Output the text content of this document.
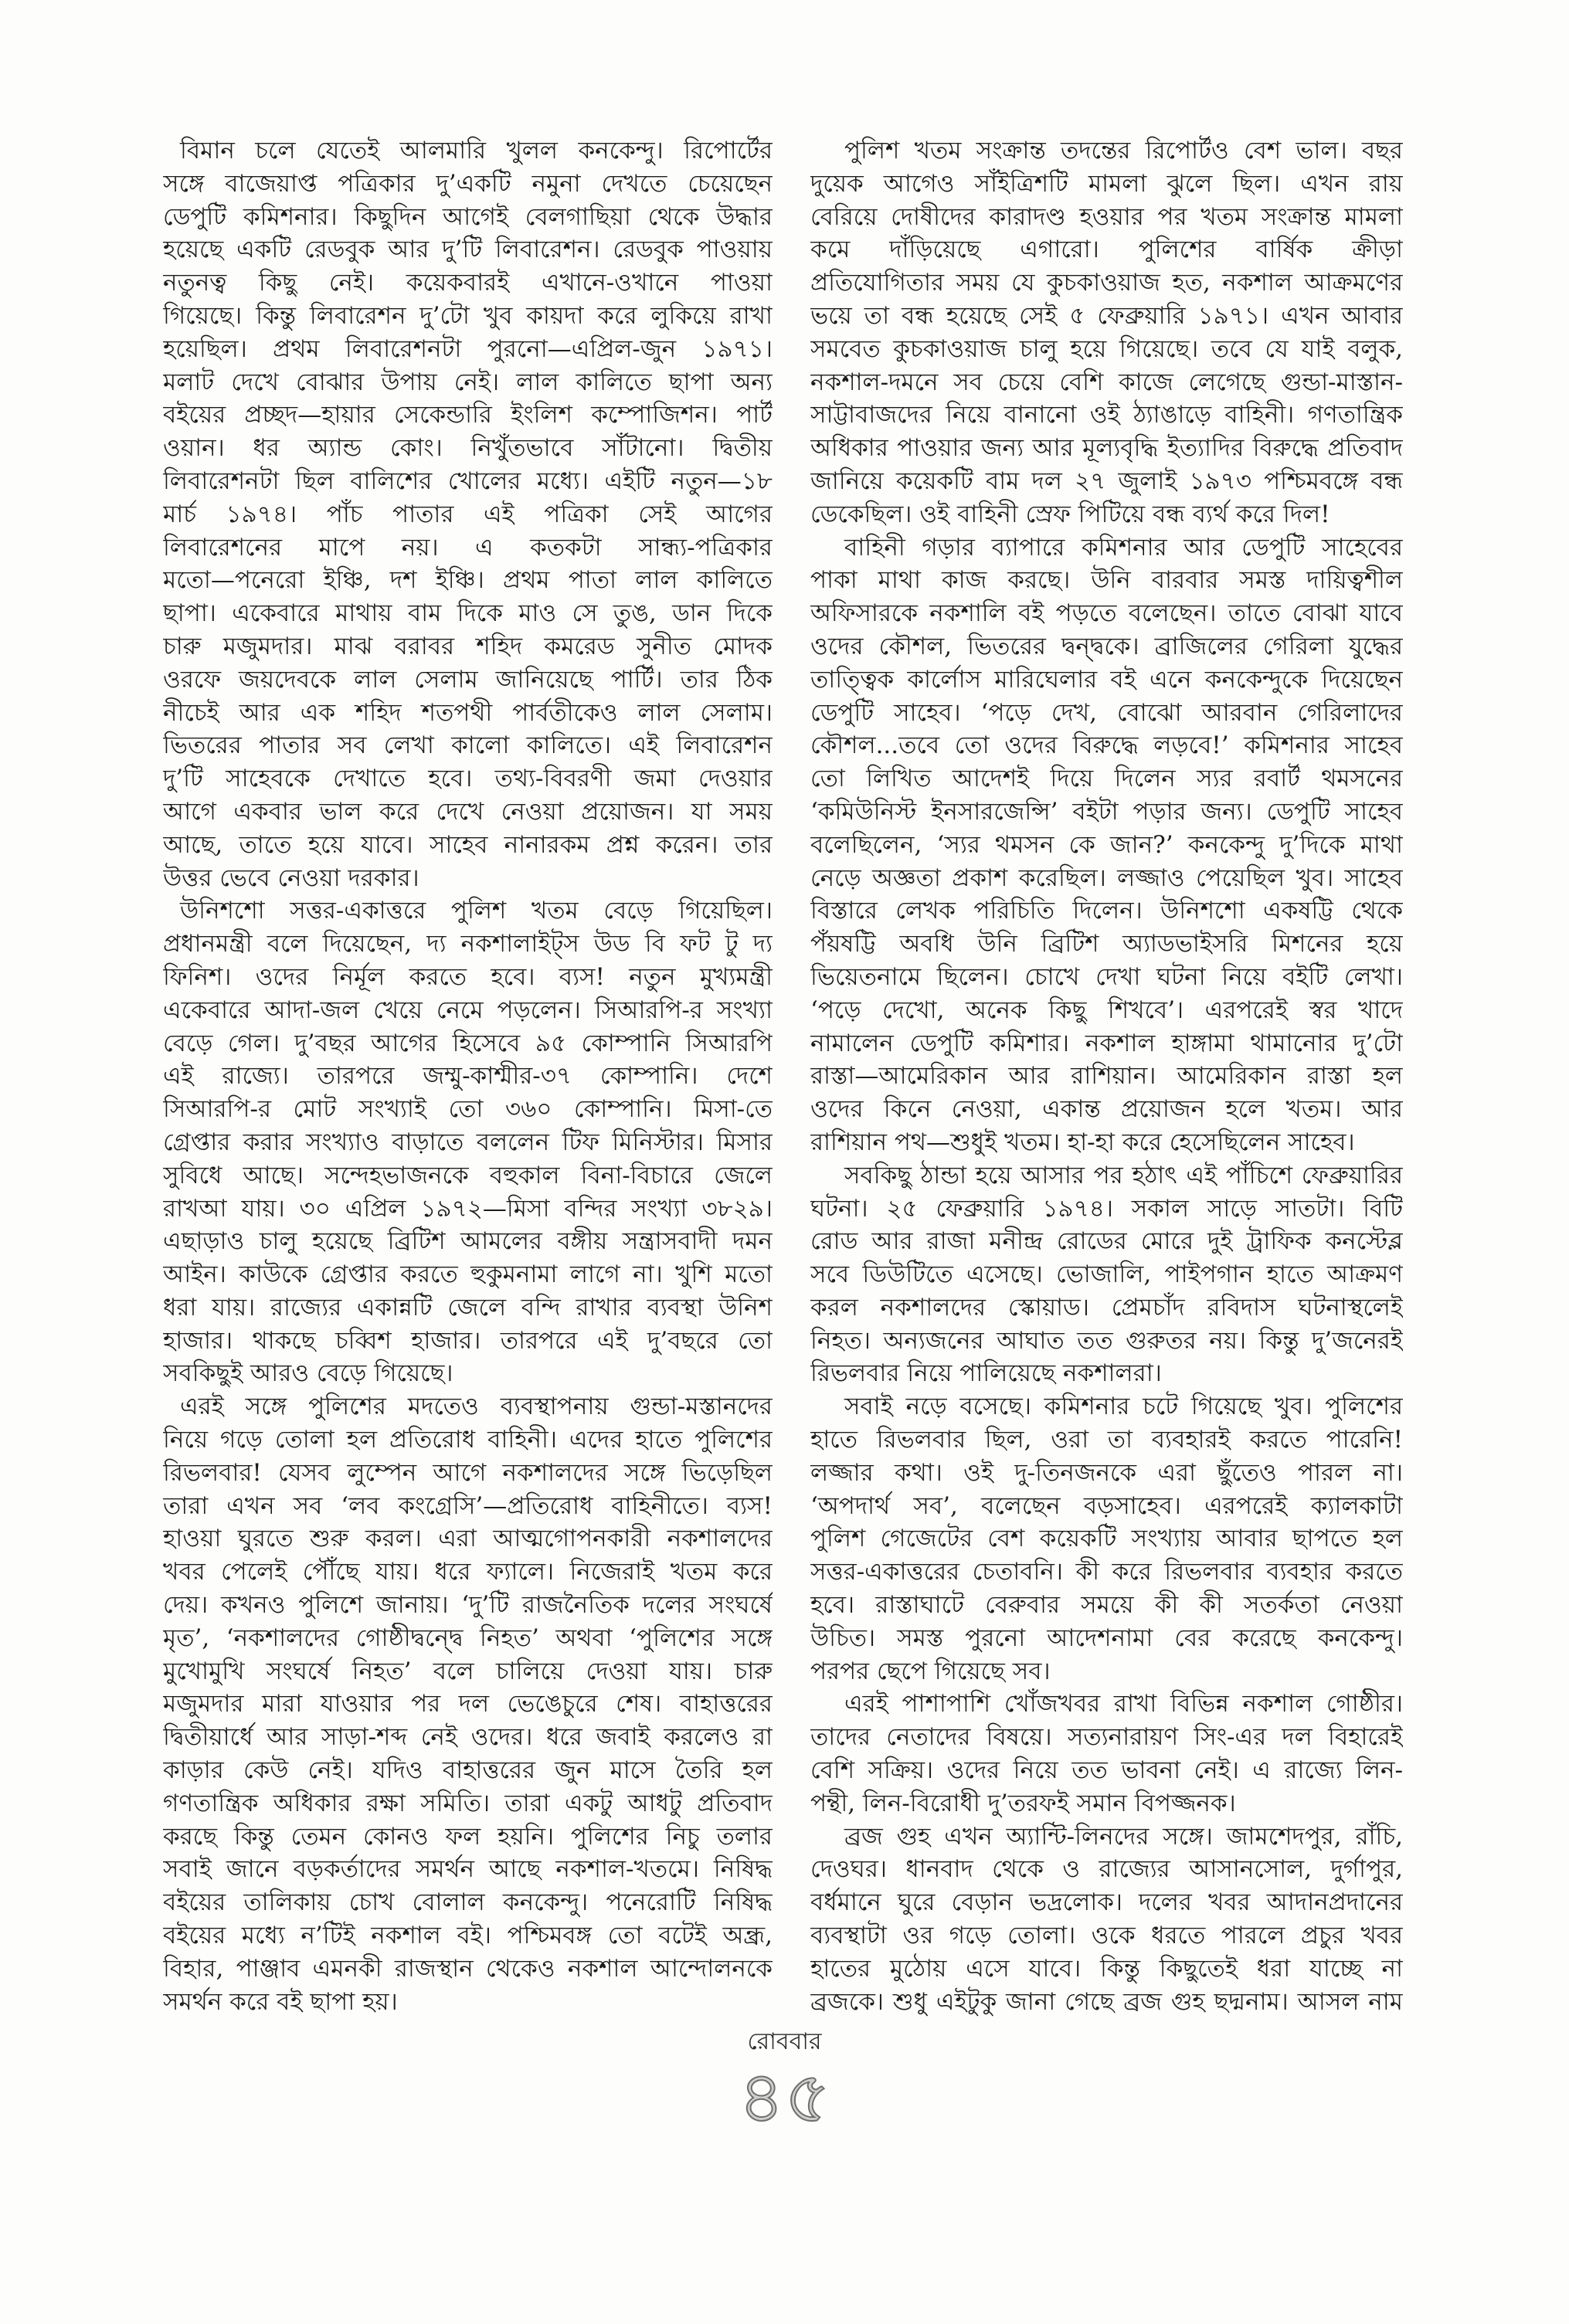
বিমান চলে যেতেই আলমারি খুলল কনকেন্দু। রিপোর্টের
সঙ্গে বাজেয়াপ্ত পত্রিকার দু’একটি নমুনা দেখতে চেয়েছেন
ডেপুটি কমিশনার। কিছুদিন আগেই বেলগাছিয়া থেকে উদ্ধার
হয়েছে একটি রেডবুক আর দু’টি লিবারেশন। রেডবুক পাওয়ায়
নতুনত্ব কিছু নেই। কয়েকবারই এখানে-ওখানে পাওয়া
গিয়েছে। কিন্তু লিবারেশন দু’টো খুব কায়দা করে লুকিয়ে রাখা
হয়েছিল। প্রথম লিবারেশনটা পুরনো—এপ্রিল-জুন ১৯৭১।
মলাট দেখে বোঝার উপায় নেই। লাল কালিতে ছাপা অন্য
বইয়ের প্রচ্ছদ—হায়ার সেকেন্ডারি ইংলিশ কম্পোজিশন। পার্ট
ওয়ান। ধর অ্যান্ড কোং। নিখুঁতভাবে সাঁটানো। দ্বিতীয়
লিবারেশনটা ছিল বালিশের খোলের মধ্যে। এইটি নতুন—১৮
মার্চ ১৯৭৪। পাঁচ পাতার এই পত্রিকা সেই আগের
লিবারেশনের মাপে নয়। এ কতকটা সান্ধ্য-পত্রিকার
মতো—পনেরো ইঞ্চি, দশ ইঞ্চি। প্রথম পাতা লাল কালিতে
ছাপা। একেবারে মাথায় বাম দিকে মাও সে তুঙ, ডান দিকে
চারু মজুমদার। মাঝ বরাবর শহিদ কমরেড সুনীত মোদক
ওরফে জয়দেবকে লাল সেলাম জানিয়েছে পার্টি। তার ঠিক
নীচেই আর এক শহিদ শতপথী পার্বতীকেও লাল সেলাম।
ভিতরের পাতার সব লেখা কালো কালিতে। এই লিবারেশন
দু’টি সাহেবকে দেখাতে হবে। তথ্য-বিবরণী জমা দেওয়ার
আগে একবার ভাল করে দেখে নেওয়া প্রয়োজন। যা সময়
আছে, তাতে হয়ে যাবে। সাহেব নানারকম প্রশ্ন করেন। তার
উত্তর ভেবে নেওয়া দরকার।
উনিশশো সত্তর-একাত্তরে পুলিশ খতম বেড়ে গিয়েছিল।
প্রধানমন্ত্রী বলে দিয়েছেন, দ্য নকশালাইট্স উড বি ফট টু দ্য
ফিনিশ। ওদের নির্মূল করতে হবে। ব্যস! নতুন মুখ্যমন্ত্রী
একেবারে আদা-জল খেয়ে নেমে পড়লেন। সিআরপি-র সংখ্যা
বেড়ে গেল। দু’বছর আগের হিসেবে ৯৫ কোম্পানি সিআরপি
এই রাজ্যে। তারপরে জম্মু-কাশ্মীর-৩৭ কোম্পানি। দেশে
সিআরপি-র মোট সংখ্যাই তো ৩৬০ কোম্পানি। মিসা-তে
গ্রেপ্তার করার সংখ্যাও বাড়াতে বললেন টিফ মিনিস্টার। মিসার
সুবিধে আছে। সন্দেহভাজনকে বহুকাল বিনা-বিচারে জেলে
রাখআ যায়। ৩০ এপ্রিল ১৯৭২—মিসা বন্দির সংখ্যা ৩৮২৯।
এছাড়াও চালু হয়েছে ব্রিটিশ আমলের বঙ্গীয় সন্ত্রাসবাদী দমন
আইন। কাউকে গ্রেপ্তার করতে হুকুমনামা লাগে না। খুশি মতো
ধরা যায়। রাজ্যের একান্নটি জেলে বন্দি রাখার ব্যবস্থা উনিশ
হাজার। থাকছে চব্বিশ হাজার। তারপরে এই দু’বছরে তো
সবকিছুই আরও বেড়ে গিয়েছে।
এরই সঙ্গে পুলিশের মদতেও ব্যবস্থাপনায় গুন্ডা-মস্তানদের
নিয়ে গড়ে তোলা হল প্রতিরোধ বাহিনী। এদের হাতে পুলিশের
রিভলবার! যেসব লুম্পেন আগে নকশালদের সঙ্গে ভিড়েছিল
তারা এখন সব ‘লব কংগ্রেসি’—প্রতিরোধ বাহিনীতে। ব্যস!
হাওয়া ঘুরতে শুরু করল। এরা আত্মগোপনকারী নকশালদের
খবর পেলেই পৌঁছে যায়। ধরে ফ্যালে। নিজেরাই খতম করে
দেয়। কখনও পুলিশে জানায়। ‘দু’টি রাজনৈতিক দলের সংঘর্ষে
মৃত’, ‘নকশালদের গোষ্ঠীদ্বন্দ্বে নিহত’ অথবা ‘পুলিশের সঙ্গে
মুখোমুখি সংঘর্ষে নিহত’ বলে চালিয়ে দেওয়া যায়। চারু
মজুমদার মারা যাওয়ার পর দল ভেঙেচুরে শেষ। বাহাত্তরের
দ্বিতীয়ার্ধে আর সাড়া-শব্দ নেই ওদের। ধরে জবাই করলেও রা
কাড়ার কেউ নেই। যদিও বাহাত্তরের জুন মাসে তৈরি হল
গণতান্ত্রিক অধিকার রক্ষা সমিতি। তারা একটু আধটু প্রতিবাদ
করছে কিন্তু তেমন কোনও ফল হয়নি। পুলিশের নিচু তলার
সবাই জানে বড়কর্তাদের সমর্থন আছে নকশাল-খতমে। নিষিদ্ধ
বইয়ের তালিকায় চোখ বোলাল কনকেন্দু। পনেরোটি নিষিদ্ধ
বইয়ের মধ্যে ন’টিই নকশাল বই। পশ্চিমবঙ্গ তো বটেই অন্ধ্র,
বিহার, পাঞ্জাব এমনকী রাজস্থান থেকেও নকশাল আন্দোলনকে
সমর্থন করে বই ছাপা হয়।
পুলিশ খতম সংক্রান্ত তদন্তের রিপোর্টও বেশ ভাল। বছর
দুয়েক আগেও সাঁইত্রিশটি মামলা ঝুলে ছিল। এখন রায়
বেরিয়ে দোষীদের কারাদণ্ড হওয়ার পর খতম সংক্রান্ত মামলা
কমে দাঁড়িয়েছে এগারো। পুলিশের বার্ষিক ক্রীড়া
প্রতিযোগিতার সময় যে কুচকাওয়াজ হত, নকশাল আক্রমণের
ভয়ে তা বন্ধ হয়েছে সেই ৫ ফেব্রুয়ারি ১৯৭১। এখন আবার
সমবেত কুচকাওয়াজ চালু হয়ে গিয়েছে। তবে যে যাই বলুক,
নকশাল-দমনে সব চেয়ে বেশি কাজে লেগেছে গুন্ডা-মাস্তান-
সাট্টাবাজদের নিয়ে বানানো ওই ঠ্যাঙাড়ে বাহিনী। গণতান্ত্রিক
অধিকার পাওয়ার জন্য আর মূল্যবৃদ্ধি ইত্যাদির বিরুদ্ধে প্রতিবাদ
জানিয়ে কয়েকটি বাম দল ২৭ জুলাই ১৯৭৩ পশ্চিমবঙ্গে বন্ধ
ডেকেছিল। ওই বাহিনী স্রেফ পিটিয়ে বন্ধ ব্যর্থ করে দিল!
বাহিনী গড়ার ব্যাপারে কমিশনার আর ডেপুটি সাহেবের
পাকা মাথা কাজ করছে। উনি বারবার সমস্ত দায়িত্বশীল
অফিসারকে নকশালি বই পড়তে বলেছেন। তাতে বোঝা যাবে
ওদের কৌশল, ভিতরের দ্বন্দ্বকে। ব্রাজিলের গেরিলা যুদ্ধের
তাত্ত্বিক কার্লোস মারিঘেলার বই এনে কনকেন্দুকে দিয়েছেন
ডেপুটি সাহেব। ‘পড়ে দেখ, বোঝো আরবান গেরিলাদের
কৌশল...তবে তো ওদের বিরুদ্ধে লড়বে!’ কমিশনার সাহেব
তো লিখিত আদেশই দিয়ে দিলেন স্যর রবার্ট থমসনের
‘কমিউনিস্ট ইনসারজেন্সি’ বইটা পড়ার জন্য। ডেপুটি সাহেব
বলেছিলেন, ‘স্যর থমসন কে জান?’ কনকেন্দু দু’দিকে মাথা
নেড়ে অজ্ঞতা প্রকাশ করেছিল। লজ্জাও পেয়েছিল খুব। সাহেব
বিস্তারে লেখক পরিচিতি দিলেন। উনিশশো একষট্টি থেকে
পঁয়ষট্টি অবধি উনি ব্রিটিশ অ্যাডভাইসরি মিশনের হয়ে
ভিয়েতনামে ছিলেন। চোখে দেখা ঘটনা নিয়ে বইটি লেখা।
‘পড়ে দেখো, অনেক কিছু শিখবে’। এরপরেই স্বর খাদে
নামালেন ডেপুটি কমিশার। নকশাল হাঙ্গামা থামানোর দু’টো
রাস্তা—আমেরিকান আর রাশিয়ান। আমেরিকান রাস্তা হল
ওদের কিনে নেওয়া, একান্ত প্রয়োজন হলে খতম। আর
রাশিয়ান পথ—শুধুই খতম। হা-হা করে হেসেছিলেন সাহেব।
সবকিছু ঠান্ডা হয়ে আসার পর হঠাৎ এই পাঁচিশে ফেব্রুয়ারির
ঘটনা। ২৫ ফেব্রুয়ারি ১৯৭৪। সকাল সাড়ে সাতটা। বিটি
রোড আর রাজা মনীন্দ্র রোডের মোরে দুই ট্রাফিক কনস্টেব্ল
সবে ডিউটিতে এসেছে। ভোজালি, পাইপগান হাতে আক্রমণ
করল নকশালদের স্কোয়াড। প্রেমচাঁদ রবিদাস ঘটনাস্থলেই
নিহত। অন্যজনের আঘাত তত গুরুতর নয়। কিন্তু দু’জনেরই
রিভলবার নিয়ে পালিয়েছে নকশালরা।
সবাই নড়ে বসেছে। কমিশনার চটে গিয়েছে খুব। পুলিশের
হাতে রিভলবার ছিল, ওরা তা ব্যবহারই করতে পারেনি!
লজ্জার কথা। ওই দু-তিনজনকে এরা ছুঁতেও পারল না।
‘অপদার্থ সব’, বলেছেন বড়সাহেব। এরপরেই ক্যালকাটা
পুলিশ গেজেটের বেশ কয়েকটি সংখ্যায় আবার ছাপতে হল
সত্তর-একাত্তরের চেতাবনি। কী করে রিভলবার ব্যবহার করতে
হবে। রাস্তাঘাটে বেরুবার সময়ে কী কী সতর্কতা নেওয়া
উচিত। সমস্ত পুরনো আদেশনামা বের করেছে কনকেন্দু।
পরপর ছেপে গিয়েছে সব।
এরই পাশাপাশি খোঁজখবর রাখা বিভিন্ন নকশাল গোষ্ঠীর।
তাদের নেতাদের বিষয়ে। সত্যনারায়ণ সিং-এর দল বিহারেই
বেশি সক্রিয়। ওদের নিয়ে তত ভাবনা নেই। এ রাজ্যে লিন-
পন্থী, লিন-বিরোধী দু’তরফই সমান বিপজ্জনক।
ব্রজ গুহ এখন অ্যান্টি-লিনদের সঙ্গে। জামশেদপুর, রাঁচি,
দেওঘর। ধানবাদ থেকে ও রাজ্যের আসানসোল, দুর্গাপুর,
বর্ধমানে ঘুরে বেড়ান ভদ্রলোক। দলের খবর আদানপ্রদানের
ব্যবস্থাটা ওর গড়ে তোলা। ওকে ধরতে পারলে প্রচুর খবর
হাতের মুঠোয় এসে যাবে। কিন্তু কিছুতেই ধরা যাচ্ছে না
ব্রজকে। শুধু এইটুকু জানা গেছে ব্রজ গুহ ছদ্মনাম। আসল নাম
রোববার
৪৫
